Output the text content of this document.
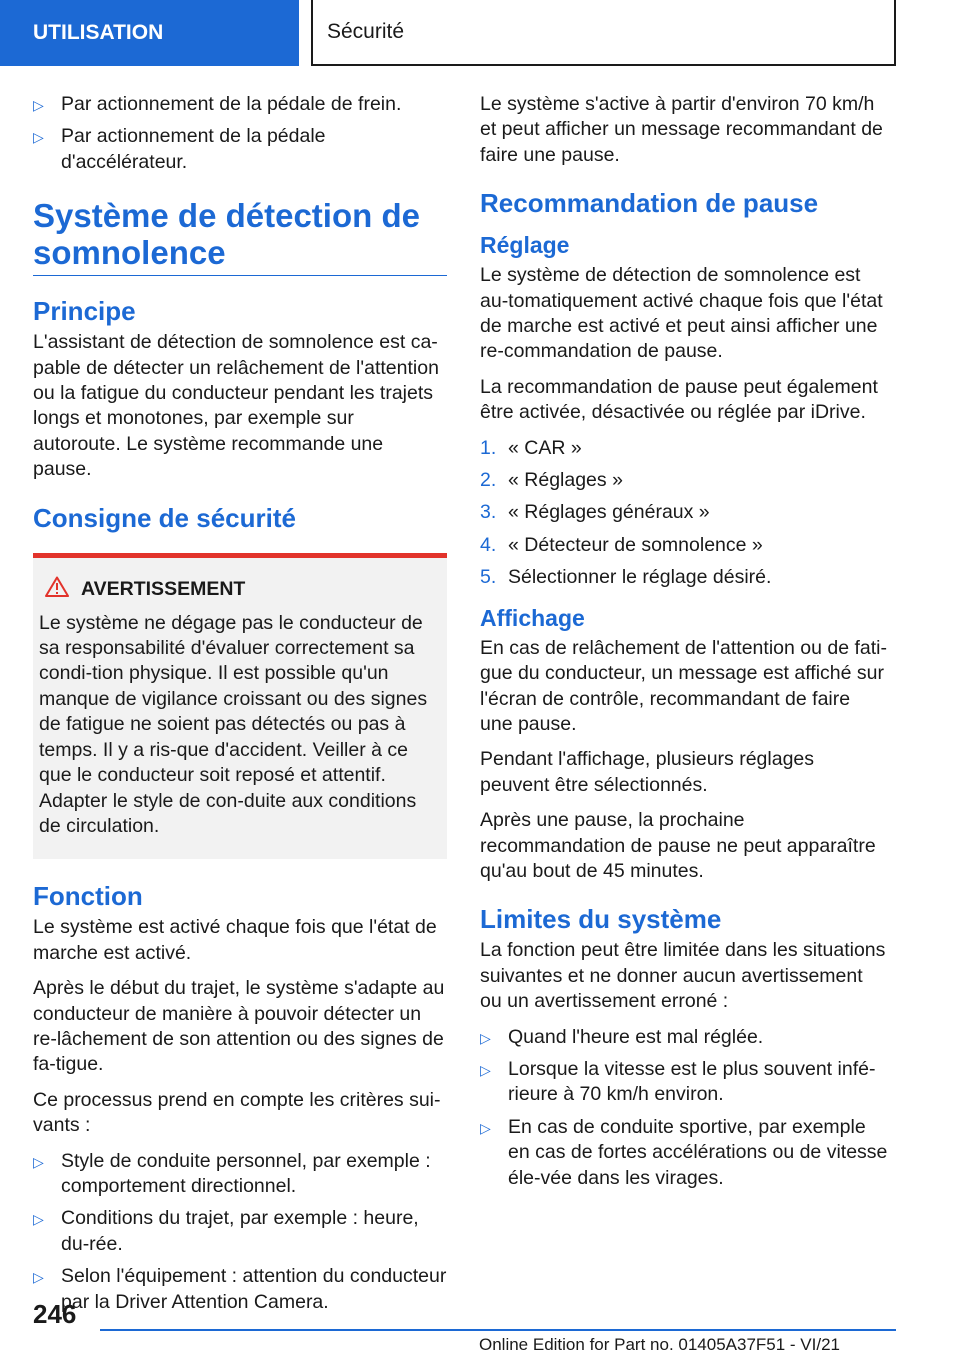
UTILISATION	Sécurité
▷ Par actionnement de la pédale de frein.
▷ Par actionnement de la pédale d'accélérateur.
Système de détection de somnolence
Principe

L'assistant de détection de somnolence est ca-pable de détecter un relâchement de l'attention ou la fatigue du conducteur pendant les trajets longs et monotones, par exemple sur autoroute. Le système recommande une pause.

Consigne de sécurité
AVERTISSEMENT

Le système ne dégage pas le conducteur de sa responsabilité d'évaluer correctement sa condi-tion physique. Il est possible qu'un manque de vigilance croissant ou des signes de fatigue ne soient pas détectés ou pas à temps. Il y a ris-que d'accident. Veiller à ce que le conducteur soit reposé et attentif. Adapter le style de con-duite aux conditions de circulation.

Fonction

Le système est activé chaque fois que l'état de marche est activé.

Après le début du trajet, le système s'adapte au conducteur de manière à pouvoir détecter un re-lâchement de son attention ou des signes de fa-tigue.

Ce processus prend en compte les critères sui-vants :

▷ Style de conduite personnel, par exemple : comportement directionnel.
▷ Conditions du trajet, par exemple : heure, du-rée.
▷ Selon l'équipement : attention du conducteur par la Driver Attention Camera.

Le système s'active à partir d'environ 70 km/h et peut afficher un message recommandant de faire une pause.

Recommandation de pause
Réglage

Le système de détection de somnolence est au-tomatiquement activé chaque fois que l'état de marche est activé et peut ainsi afficher une re-commandation de pause.

La recommandation de pause peut également être activée, désactivée ou réglée par iDrive.

1. « CAR »
2. « Réglages »
3. « Réglages généraux »
4. « Détecteur de somnolence »
5. Sélectionner le réglage désiré.
Affichage

En cas de relâchement de l'attention ou de fati-gue du conducteur, un message est affiché sur l'écran de contrôle, recommandant de faire une pause.

Pendant l'affichage, plusieurs réglages peuvent être sélectionnés.

Après une pause, la prochaine recommandation de pause ne peut apparaître qu'au bout de 45 minutes.

Limites du système

La fonction peut être limitée dans les situations suivantes et ne donner aucun avertissement ou un avertissement erroné :

▷ Quand l'heure est mal réglée.
▷ Lorsque la vitesse est le plus souvent infé-rieure à 70 km/h environ.
▷ En cas de conduite sportive, par exemple en cas de fortes accélérations ou de vitesse éle-vée dans les virages.
246
Online Edition for Part no. 01405A37F51 - VI/21
